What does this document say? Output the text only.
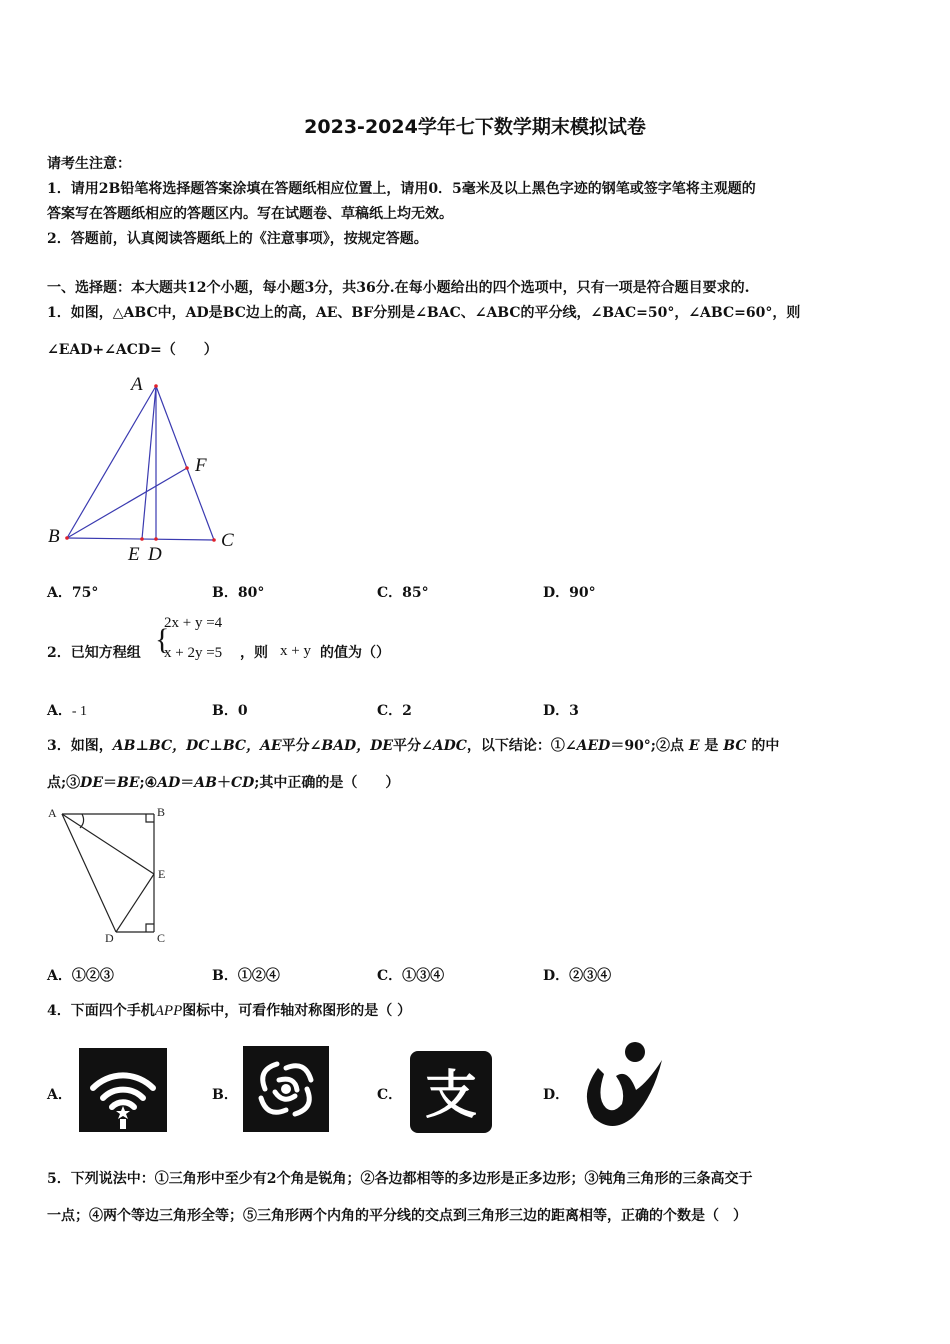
2023-2024学年七下数学期末模拟试卷
请考生注意：
1．请用2B铅笔将选择题答案涂填在答题纸相应位置上，请用0．5毫米及以上黑色字迹的钢笔或签字笔将主观题的
答案写在答题纸相应的答题区内。写在试题卷、草稿纸上均无效。
2．答题前，认真阅读答题纸上的《注意事项》，按规定答题。
一、选择题：本大题共12个小题，每小题3分，共36分.在每小题给出的四个选项中，只有一项是符合题目要求的.
1．如图，△ABC中，AD是BC边上的高，AE、BF分别是∠BAC、∠ABC的平分线，∠BAC=50°，∠ABC=60°，则
∠EAD+∠ACD=（　　）
A
F
B	C
E D
A．75°	B．80°	C．85°	D．90°
2．已知方程组 {
2x + y =4
x + 2y =5 ，则 x + y 的值为（）
A．- 1	B．0	C．2	D．3
3．如图，AB⊥BC，DC⊥BC，AE平分∠BAD，DE平分∠ADC，以下结论：①∠AED＝90°;②点 E 是 BC 的中
点;③DE＝BE;④AD＝AB＋CD;其中正确的是（　　）
A	B
E
D	C
A．①②③	B．①②④	C．①③④	D．②③④
4．下面四个手机APP图标中，可看作轴对称图形的是（ ）
A．	B．	C． 支	D．
5．下列说法中：①三角形中至少有2个角是锐角；②各边都相等的多边形是正多边形；③钝角三角形的三条高交于
一点；④两个等边三角形全等；⑤三角形两个内角的平分线的交点到三角形三边的距离相等，正确的个数是（　）
